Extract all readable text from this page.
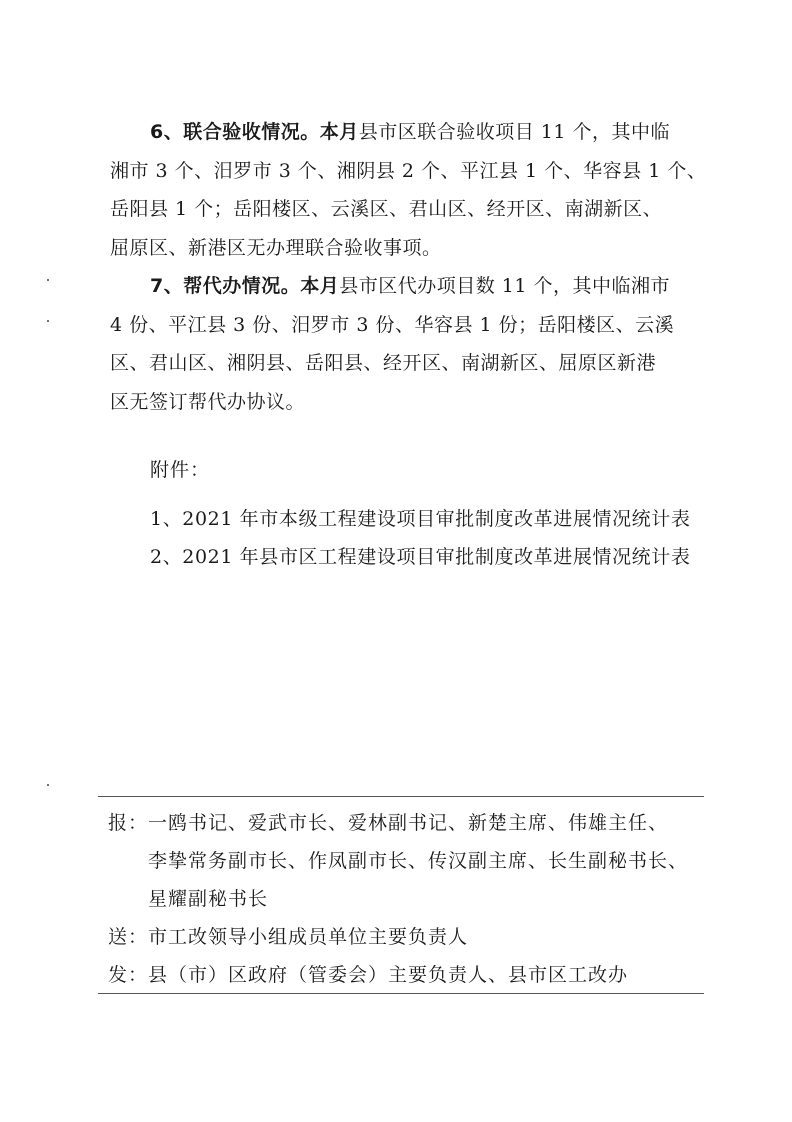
6、联合验收情况。本月县市区联合验收项目 11 个，其中临
湘市 3 个、汨罗市 3 个、湘阴县 2 个、平江县 1 个、华容县 1 个、
岳阳县 1 个；岳阳楼区、云溪区、君山区、经开区、南湖新区、
屈原区、新港区无办理联合验收事项。
7、帮代办情况。本月县市区代办项目数 11 个，其中临湘市
4 份、平江县 3 份、汨罗市 3 份、华容县 1 份；岳阳楼区、云溪
区、君山区、湘阴县、岳阳县、经开区、南湖新区、屈原区新港
区无签订帮代办协议。
附件：
1、2021 年市本级工程建设项目审批制度改革进展情况统计表
2、2021 年县市区工程建设项目审批制度改革进展情况统计表
报：一鸥书记、爱武市长、爱林副书记、新楚主席、伟雄主任、
李挚常务副市长、作凤副市长、传汉副主席、长生副秘书长、
星耀副秘书长
送：市工改领导小组成员单位主要负责人
发：县（市）区政府（管委会）主要负责人、县市区工改办
